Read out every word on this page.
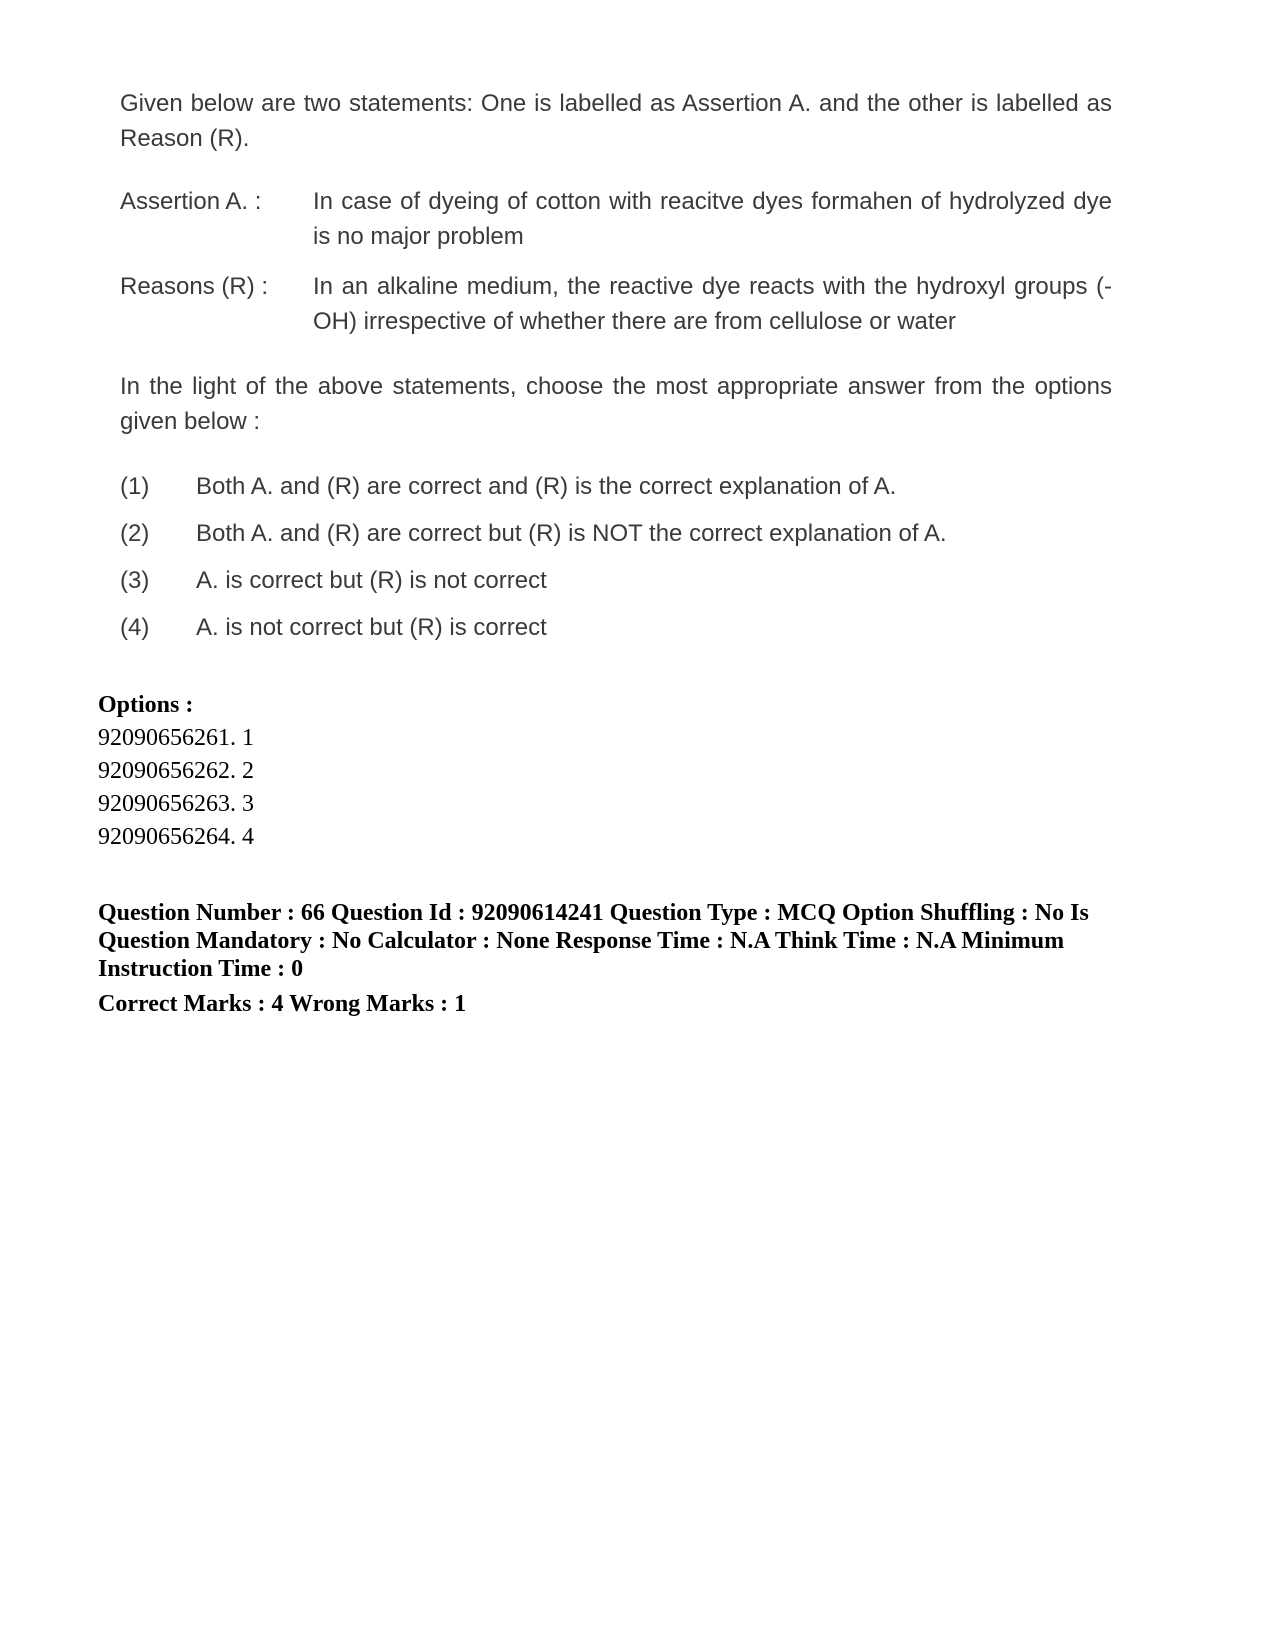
Given below are two statements: One is labelled as Assertion A. and the other is labelled as Reason (R).

Assertion A. :	In case of dyeing of cotton with reacitve dyes formahen of hydrolyzed dye is no major problem
Reasons (R) :	In an alkaline medium, the reactive dye reacts with the hydroxyl groups (-OH) irrespective of whether there are from cellulose or water
In the light of the above statements, choose the most appropriate answer from the options given below :
(1)	Both A. and (R) are correct and (R) is the correct explanation of A.
(2)	Both A. and (R) are correct but (R) is NOT the correct explanation of A.
(3)	A. is correct but (R) is not correct
(4)	A. is not correct but (R) is correct
Options :
92090656261. 1
92090656262. 2
92090656263. 3
92090656264. 4
Question Number : 66 Question Id : 92090614241 Question Type : MCQ Option Shuffling : No Is
Question Mandatory : No Calculator : None Response Time : N.A Think Time : N.A Minimum
Instruction Time : 0
Correct Marks : 4 Wrong Marks : 1
